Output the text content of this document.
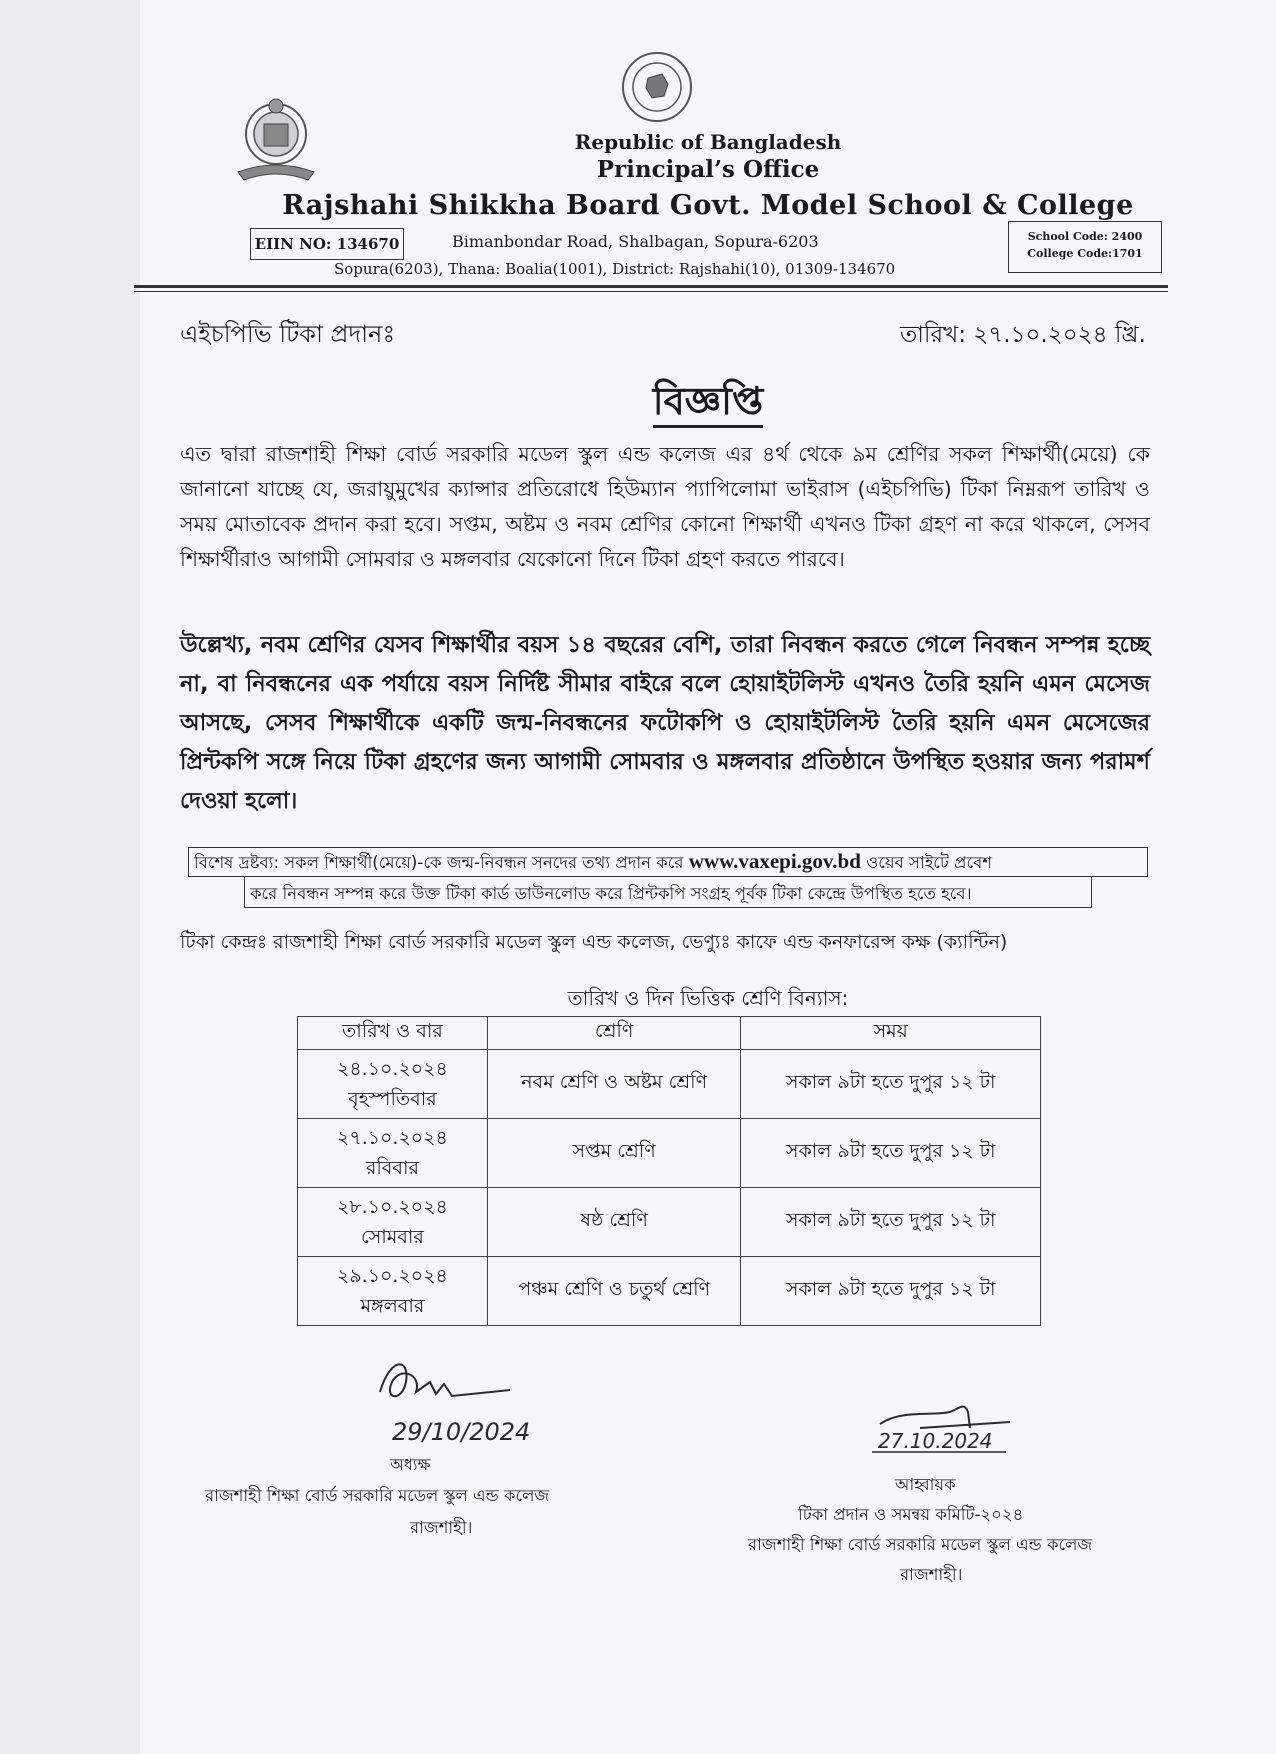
Republic of Bangladesh
Principal’s Office
Rajshahi Shikkha Board Govt. Model School & College
EIIN NO: 134670	Bimanbondar Road, Shalbagan, Sopura-6203
Sopura(6203), Thana: Boalia(1001), District: Rajshahi(10), 01309-134670
School Code: 2400
College Code:1701
এইচপিভি টিকা প্রদানঃ	তারিখ: ২৭.১০.২০২৪ খ্রি.
বিজ্ঞপ্তি
এত দ্বারা রাজশাহী শিক্ষা বোর্ড সরকারি মডেল স্কুল এন্ড কলেজ এর ৪র্থ থেকে ৯ম শ্রেণির সকল শিক্ষার্থী(মেয়ে) কে জানানো যাচ্ছে যে, জরায়ুমুখের ক্যান্সার প্রতিরোধে হিউম্যান প্যাপিলোমা ভাইরাস (এইচপিভি) টিকা নিম্নরূপ তারিখ ও সময় মোতাবেক প্রদান করা হবে। সপ্তম, অষ্টম ও নবম শ্রেণির কোনো শিক্ষার্থী এখনও টিকা গ্রহণ না করে থাকলে, সেসব শিক্ষার্থীরাও আগামী সোমবার ও মঙ্গলবার যেকোনো দিনে টিকা গ্রহণ করতে পারবে।
উল্লেখ্য, নবম শ্রেণির যেসব শিক্ষার্থীর বয়স ১৪ বছরের বেশি, তারা নিবন্ধন করতে গেলে নিবন্ধন সম্পন্ন হচ্ছে না, বা নিবন্ধনের এক পর্যায়ে বয়স নির্দিষ্ট সীমার বাইরে বলে হোয়াইটলিস্ট এখনও তৈরি হয়নি এমন মেসেজ আসছে, সেসব শিক্ষার্থীকে একটি জন্ম-নিবন্ধনের ফটোকপি ও হোয়াইটলিস্ট তৈরি হয়নি এমন মেসেজের প্রিন্টকপি সঙ্গে নিয়ে টিকা গ্রহণের জন্য আগামী সোমবার ও মঙ্গলবার প্রতিষ্ঠানে উপস্থিত হওয়ার জন্য পরামর্শ দেওয়া হলো।
বিশেষ দ্রষ্টব্য: সকল শিক্ষার্থী(মেয়ে)-কে জন্ম-নিবন্ধন সনদের তথ্য প্রদান করে www.vaxepi.gov.bd ওয়েব সাইটে প্রবেশ
করে নিবন্ধন সম্পন্ন করে উক্ত টিকা কার্ড ডাউনলোড করে প্রিন্টকপি সংগ্রহ পূর্বক টিকা কেন্দ্রে উপস্থিত হতে হবে।
টিকা কেন্দ্রঃ রাজশাহী শিক্ষা বোর্ড সরকারি মডেল স্কুল এন্ড কলেজ, ভেণ্যুঃ কাফে এন্ড কনফারেন্স কক্ষ (ক্যান্টিন)
তারিখ ও দিন ভিত্তিক শ্রেণি বিন্যাস:
তারিখ ও বার	শ্রেণি	সময়

২৪.১০.২০২৪
বৃহস্পতিবার	নবম শ্রেণি ও অষ্টম শ্রেণি	সকাল ৯টা হতে দুপুর ১২ টা

২৭.১০.২০২৪
রবিবার	সপ্তম শ্রেণি	সকাল ৯টা হতে দুপুর ১২ টা

২৮.১০.২০২৪
সোমবার	ষষ্ঠ শ্রেণি	সকাল ৯টা হতে দুপুর ১২ টা

২৯.১০.২০২৪
মঙ্গলবার	পঞ্চম শ্রেণি ও চতুর্থ শ্রেণি	সকাল ৯টা হতে দুপুর ১২ টা
29/10/2024	27.10.2024
অধ্যক্ষ
রাজশাহী শিক্ষা বোর্ড সরকারি মডেল স্কুল এন্ড কলেজ
রাজশাহী।
আহ্বায়ক
টিকা প্রদান ও সমন্বয় কমিটি-২০২৪
রাজশাহী শিক্ষা বোর্ড সরকারি মডেল স্কুল এন্ড কলেজ
রাজশাহী।
